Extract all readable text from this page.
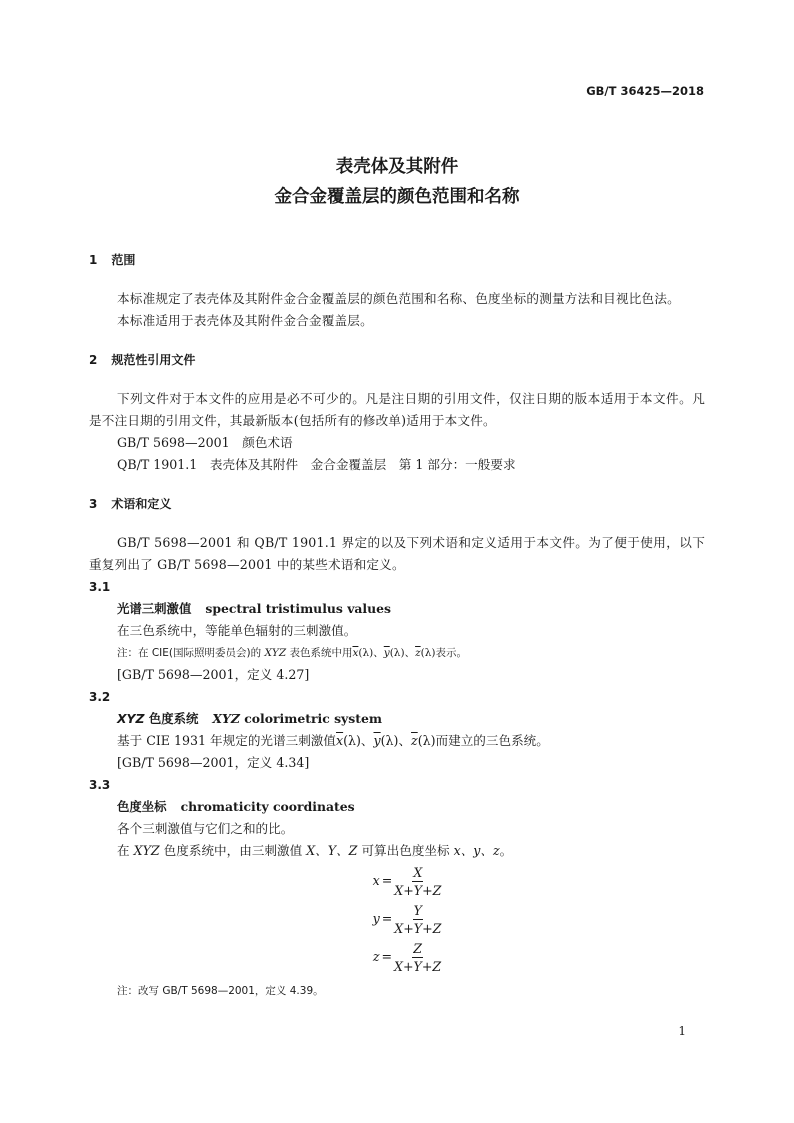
GB/T 36425—2018
表壳体及其附件
金合金覆盖层的颜色范围和名称
1 范围

本标准规定了表壳体及其附件金合金覆盖层的颜色范围和名称、色度坐标的测量方法和目视比色法。

本标准适用于表壳体及其附件金合金覆盖层。

2 规范性引用文件

下列文件对于本文件的应用是必不可少的。凡是注日期的引用文件，仅注日期的版本适用于本文件。凡是不注日期的引用文件，其最新版本(包括所有的修改单)适用于本文件。

GB/T 5698—2001　颜色术语

QB/T 1901.1　表壳体及其附件　金合金覆盖层　第 1 部分：一般要求

3 术语和定义

GB/T 5698—2001 和 QB/T 1901.1 界定的以及下列术语和定义适用于本文件。为了便于使用，以下重复列出了 GB/T 5698—2001 中的某些术语和定义。

3.1

光谱三刺激值 spectral tristimulus values

在三色系统中，等能单色辐射的三刺激值。

注：在 CIE(国际照明委员会)的 XYZ 表色系统中用$\overline{x}(\lambda)$、$\overline{y}(\lambda)$、$\overline{z}(\lambda)$表示。

[GB/T 5698—2001，定义 4.27]

3.2

XYZ 色度系统 XYZ colorimetric system

基于 CIE 1931 年规定的光谱三刺激值$\overline{x}(\lambda)$、$\overline{y}(\lambda)$、$\overline{z}(\lambda)$而建立的三色系统。

[GB/T 5698—2001，定义 4.34]

3.3

色度坐标 chromaticity coordinates

各个三刺激值与它们之和的比。

在 XYZ 色度系统中，由三刺激值 X、Y、Z 可算出色度坐标 x、y、z。

$x = \frac{X}{X+Y+Z}$
$y = \frac{Y}{X+Y+Z}$
$z = \frac{Z}{X+Y+Z}$

注：改写 GB/T 5698—2001，定义 4.39。

1
